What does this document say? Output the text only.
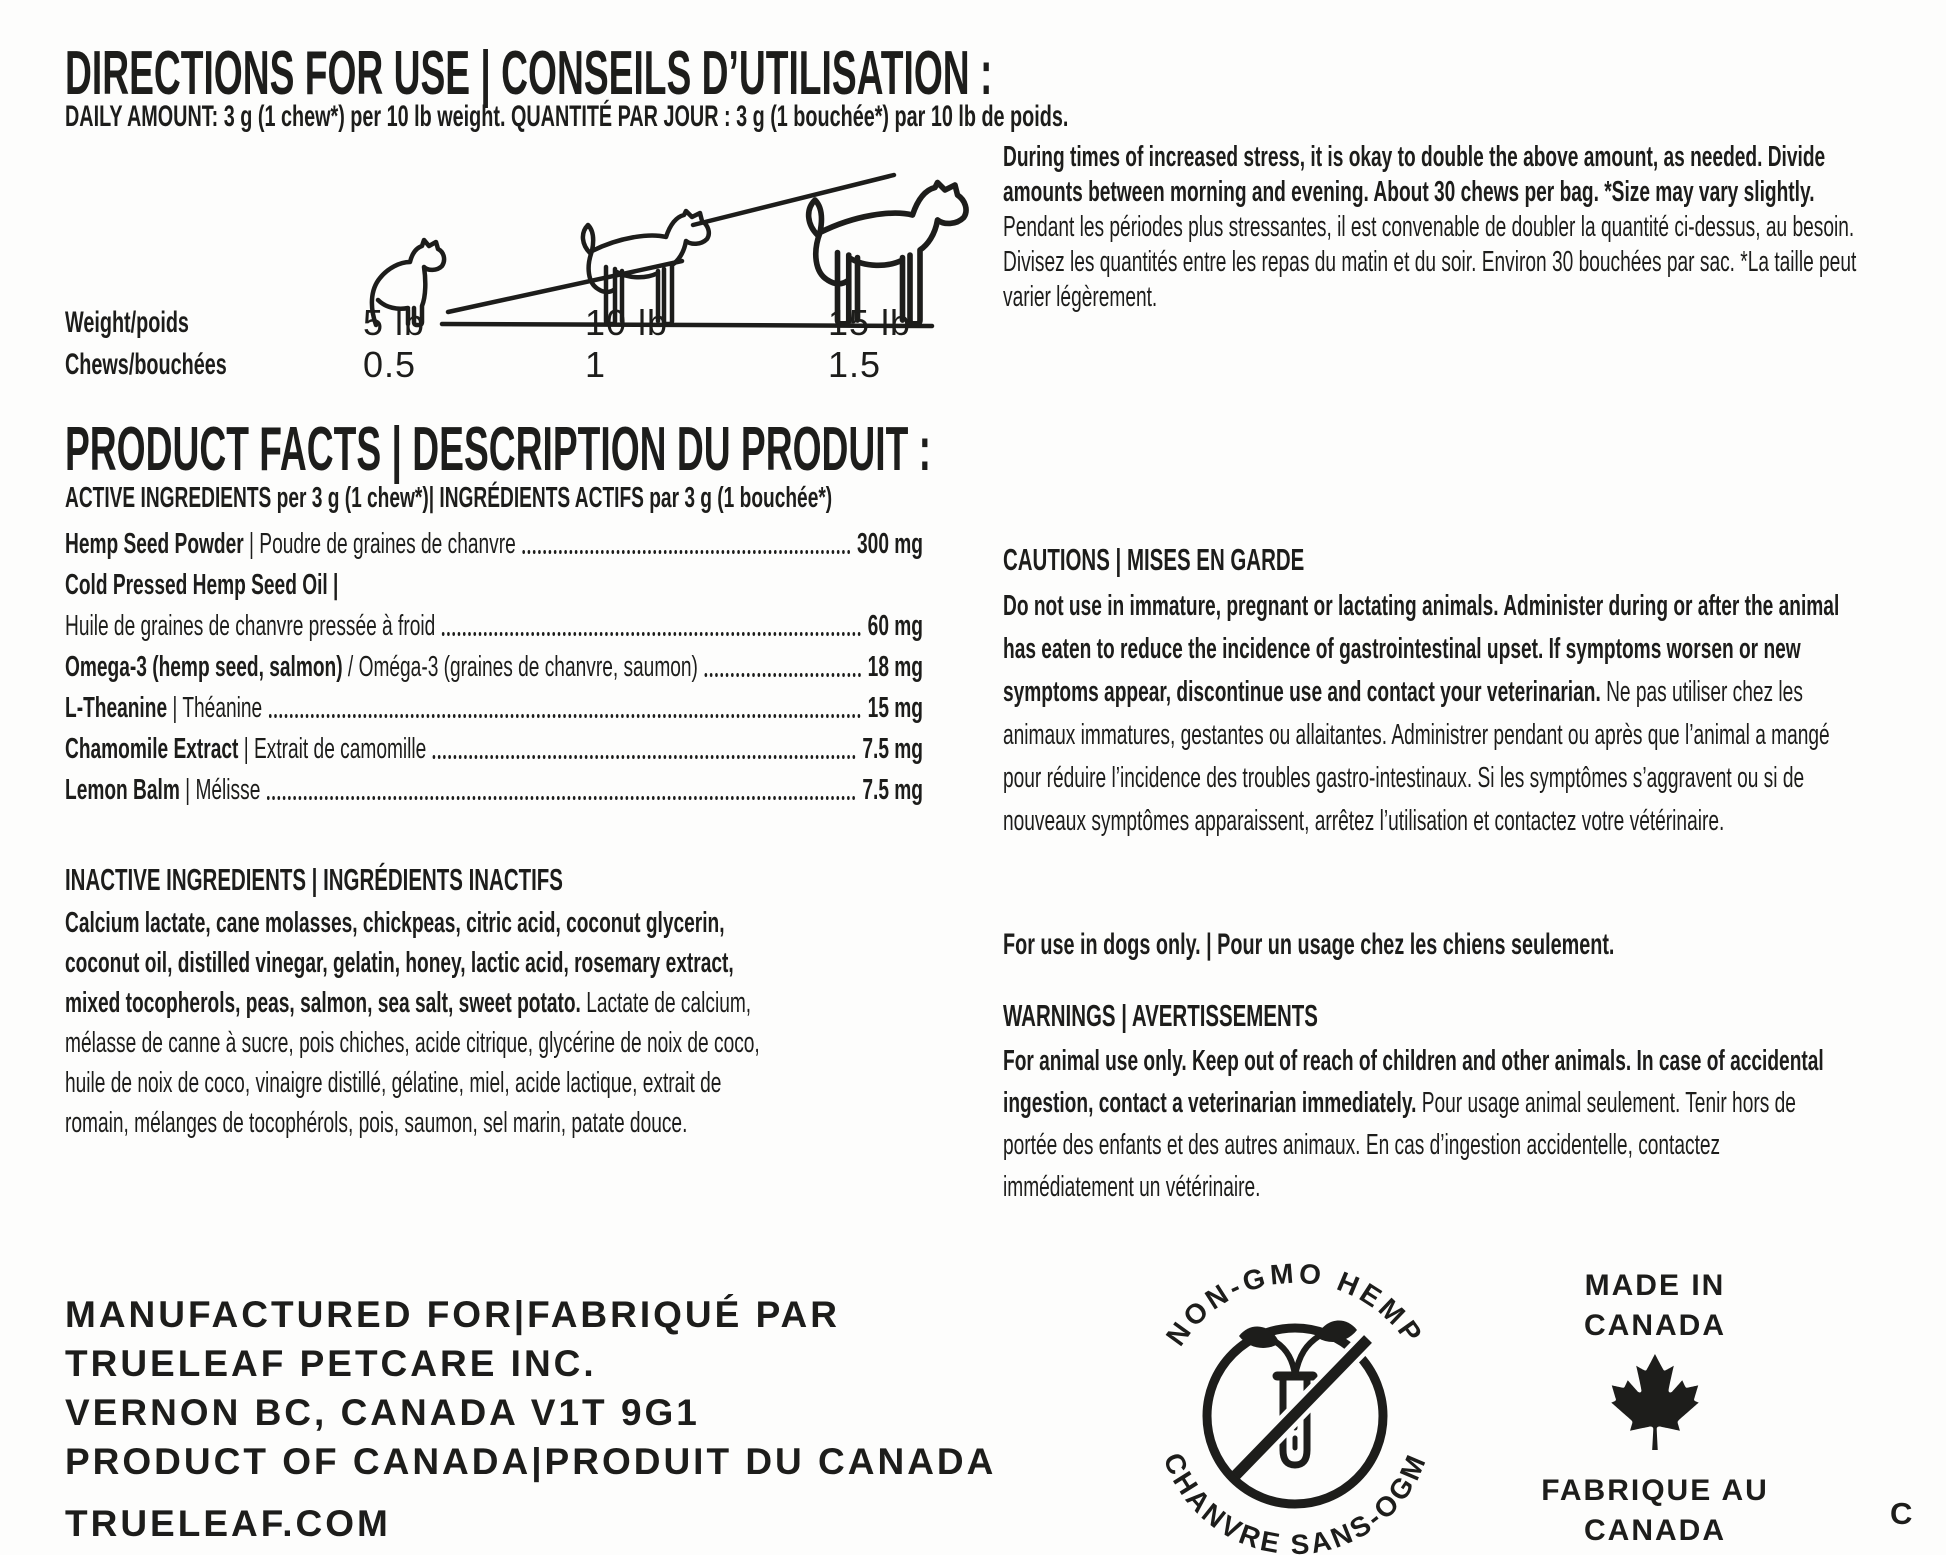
DIRECTIONS FOR USE | CONSEILS D’UTILISATION :
DAILY AMOUNT: 3 g (1 chew*) per 10 lb weight. QUANTITÉ PAR JOUR : 3 g (1 bouchée*) par 10 lb de poids.
During times of increased stress, it is okay to double the above amount, as needed. Divide amounts between morning and evening. About 30 chews per bag. *Size may vary slightly. Pendant les périodes plus stressantes, il est convenable de doubler la quantité ci-dessus, au besoin. Divisez les quantités entre les repas du matin et du soir. Environ 30 bouchées par sac. *La taille peut varier légèrement.
Weight/poids
Chews/bouchées
5 lb	10 lb	15 lb
0.5	1	1.5
PRODUCT FACTS | DESCRIPTION DU PRODUIT :
ACTIVE INGREDIENTS per 3 g (1 chew*)| INGRÉDIENTS ACTIFS par 3 g (1 bouchée*)
Hemp Seed Powder | Poudre de graines de chanvre	300 mg
Cold Pressed Hemp Seed Oil |
Huile de graines de chanvre pressée à froid	60 mg
Omega-3 (hemp seed, salmon) / Oméga-3 (graines de chanvre, saumon)	18 mg
L-Theanine | Théanine	15 mg
Chamomile Extract | Extrait de camomille	7.5 mg
Lemon Balm | Mélisse	7.5 mg
INACTIVE INGREDIENTS | INGRÉDIENTS INACTIFS
Calcium lactate, cane molasses, chickpeas, citric acid, coconut glycerin, coconut oil, distilled vinegar, gelatin, honey, lactic acid, rosemary extract, mixed tocopherols, peas, salmon, sea salt, sweet potato. Lactate de calcium, mélasse de canne à sucre, pois chiches, acide citrique, glycérine de noix de coco, huile de noix de coco, vinaigre distillé, gélatine, miel, acide lactique, extrait de romain, mélanges de tocophérols, pois, saumon, sel marin, patate douce.
CAUTIONS | MISES EN GARDE
Do not use in immature, pregnant or lactating animals. Administer during or after the animal has eaten to reduce the incidence of gastrointestinal upset. If symptoms worsen or new symptoms appear, discontinue use and contact your veterinarian. Ne pas utiliser chez les animaux immatures, gestantes ou allaitantes. Administrer pendant ou après que l’animal a mangé pour réduire l’incidence des troubles gastro-intestinaux. Si les symptômes s’aggravent ou si de nouveaux symptômes apparaissent, arrêtez l’utilisation et contactez votre vétérinaire.
For use in dogs only. | Pour un usage chez les chiens seulement.
WARNINGS | AVERTISSEMENTS
For animal use only. Keep out of reach of children and other animals. In case of accidental ingestion, contact a veterinarian immediately. Pour usage animal seulement. Tenir hors de portée des enfants et des autres animaux. En cas d’ingestion accidentelle, contactez immédiatement un vétérinaire.
MANUFACTURED FOR|FABRIQUÉ PAR
TRUELEAF PETCARE INC.
VERNON BC, CANADA V1T 9G1
PRODUCT OF CANADA|PRODUIT DU CANADA
TRUELEAF.COM
NON-GMO HEMP
CHANVRE SANS-OGM
MADE IN
CANADA
FABRIQUE AU
CANADA	C
